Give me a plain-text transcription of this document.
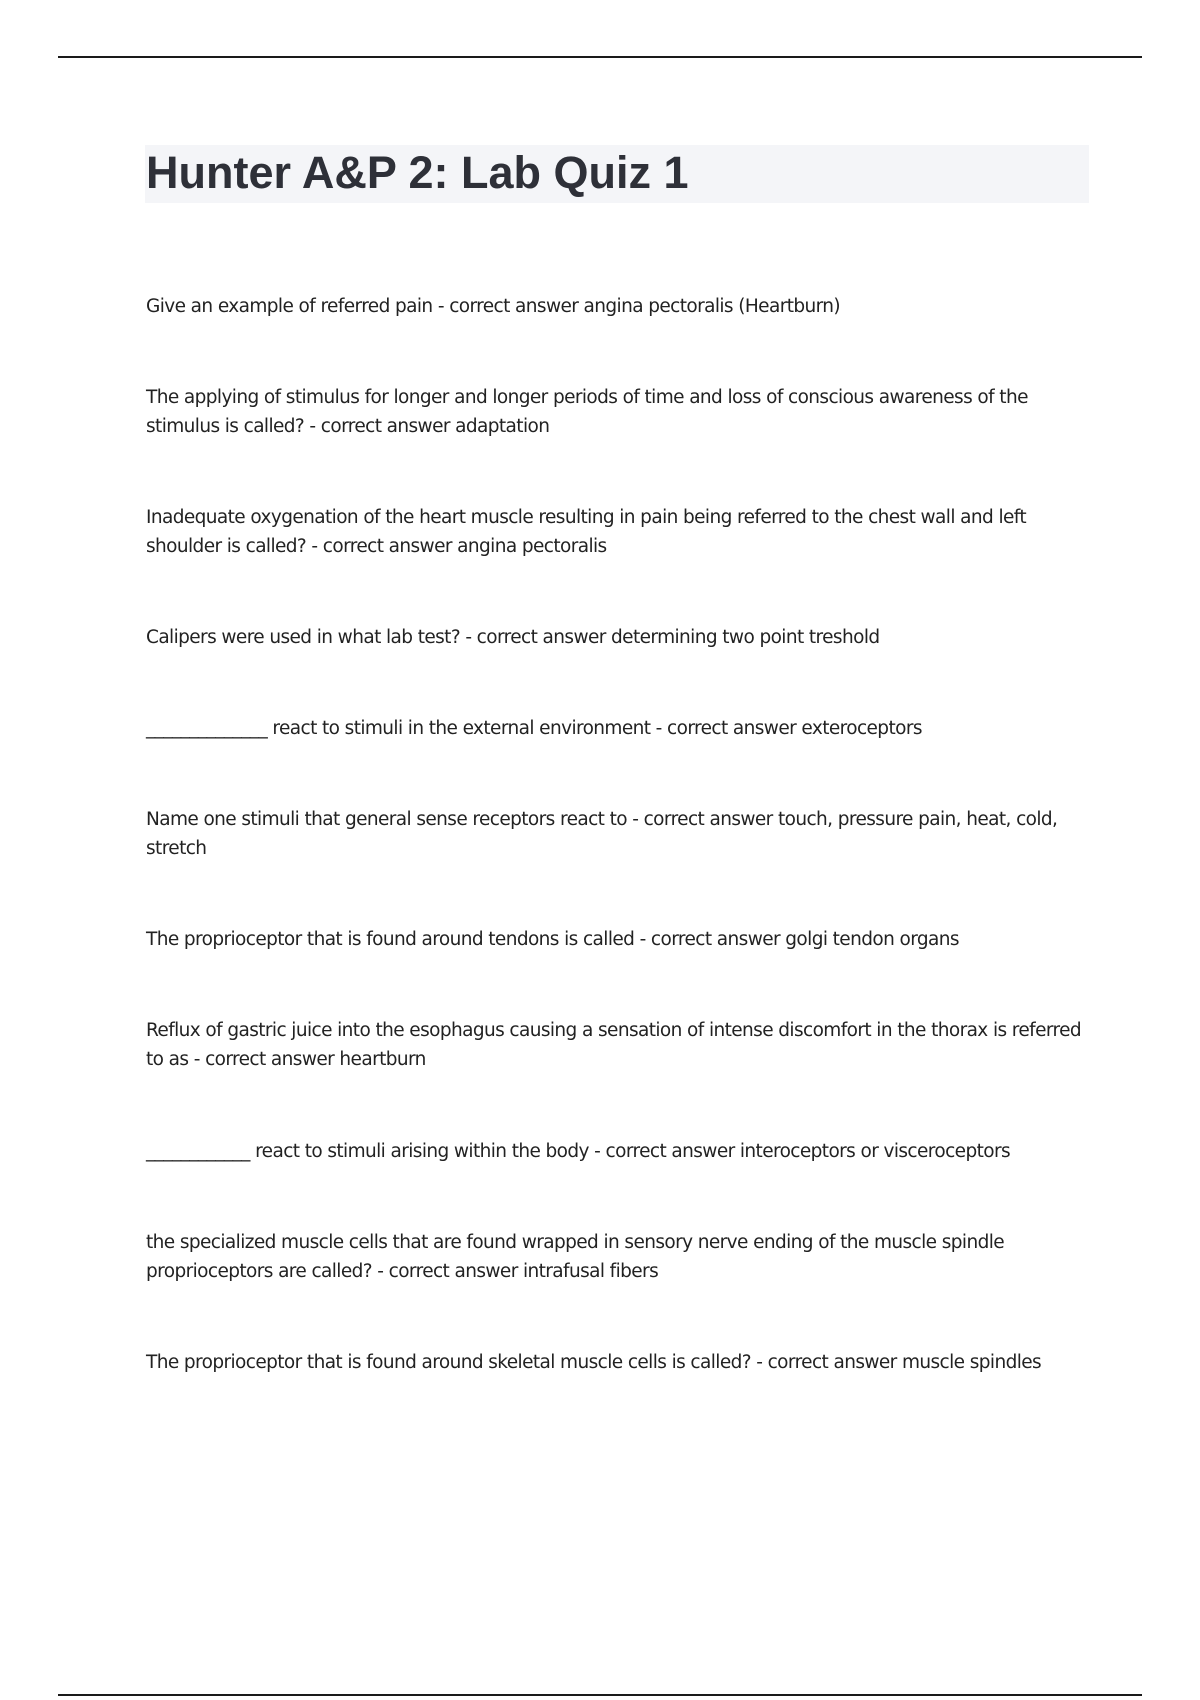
Hunter A&P 2: Lab Quiz 1

Give an example of referred pain - correct answer angina pectoralis (Heartburn)

The applying of stimulus for longer and longer periods of time and loss of conscious awareness of the stimulus is called? - correct answer adaptation

Inadequate oxygenation of the heart muscle resulting in pain being referred to the chest wall and left shoulder is called? - correct answer angina pectoralis

Calipers were used in what lab test? - correct answer determining two point treshold

______________ react to stimuli in the external environment - correct answer exteroceptors

Name one stimuli that general sense receptors react to - correct answer touch, pressure pain, heat, cold, stretch

The proprioceptor that is found around tendons is called - correct answer golgi tendon organs

Reflux of gastric juice into the esophagus causing a sensation of intense discomfort in the thorax is referred to as - correct answer heartburn

____________ react to stimuli arising within the body - correct answer interoceptors or visceroceptors

the specialized muscle cells that are found wrapped in sensory nerve ending of the muscle spindle proprioceptors are called? - correct answer intrafusal fibers

The proprioceptor that is found around skeletal muscle cells is called? - correct answer muscle spindles
